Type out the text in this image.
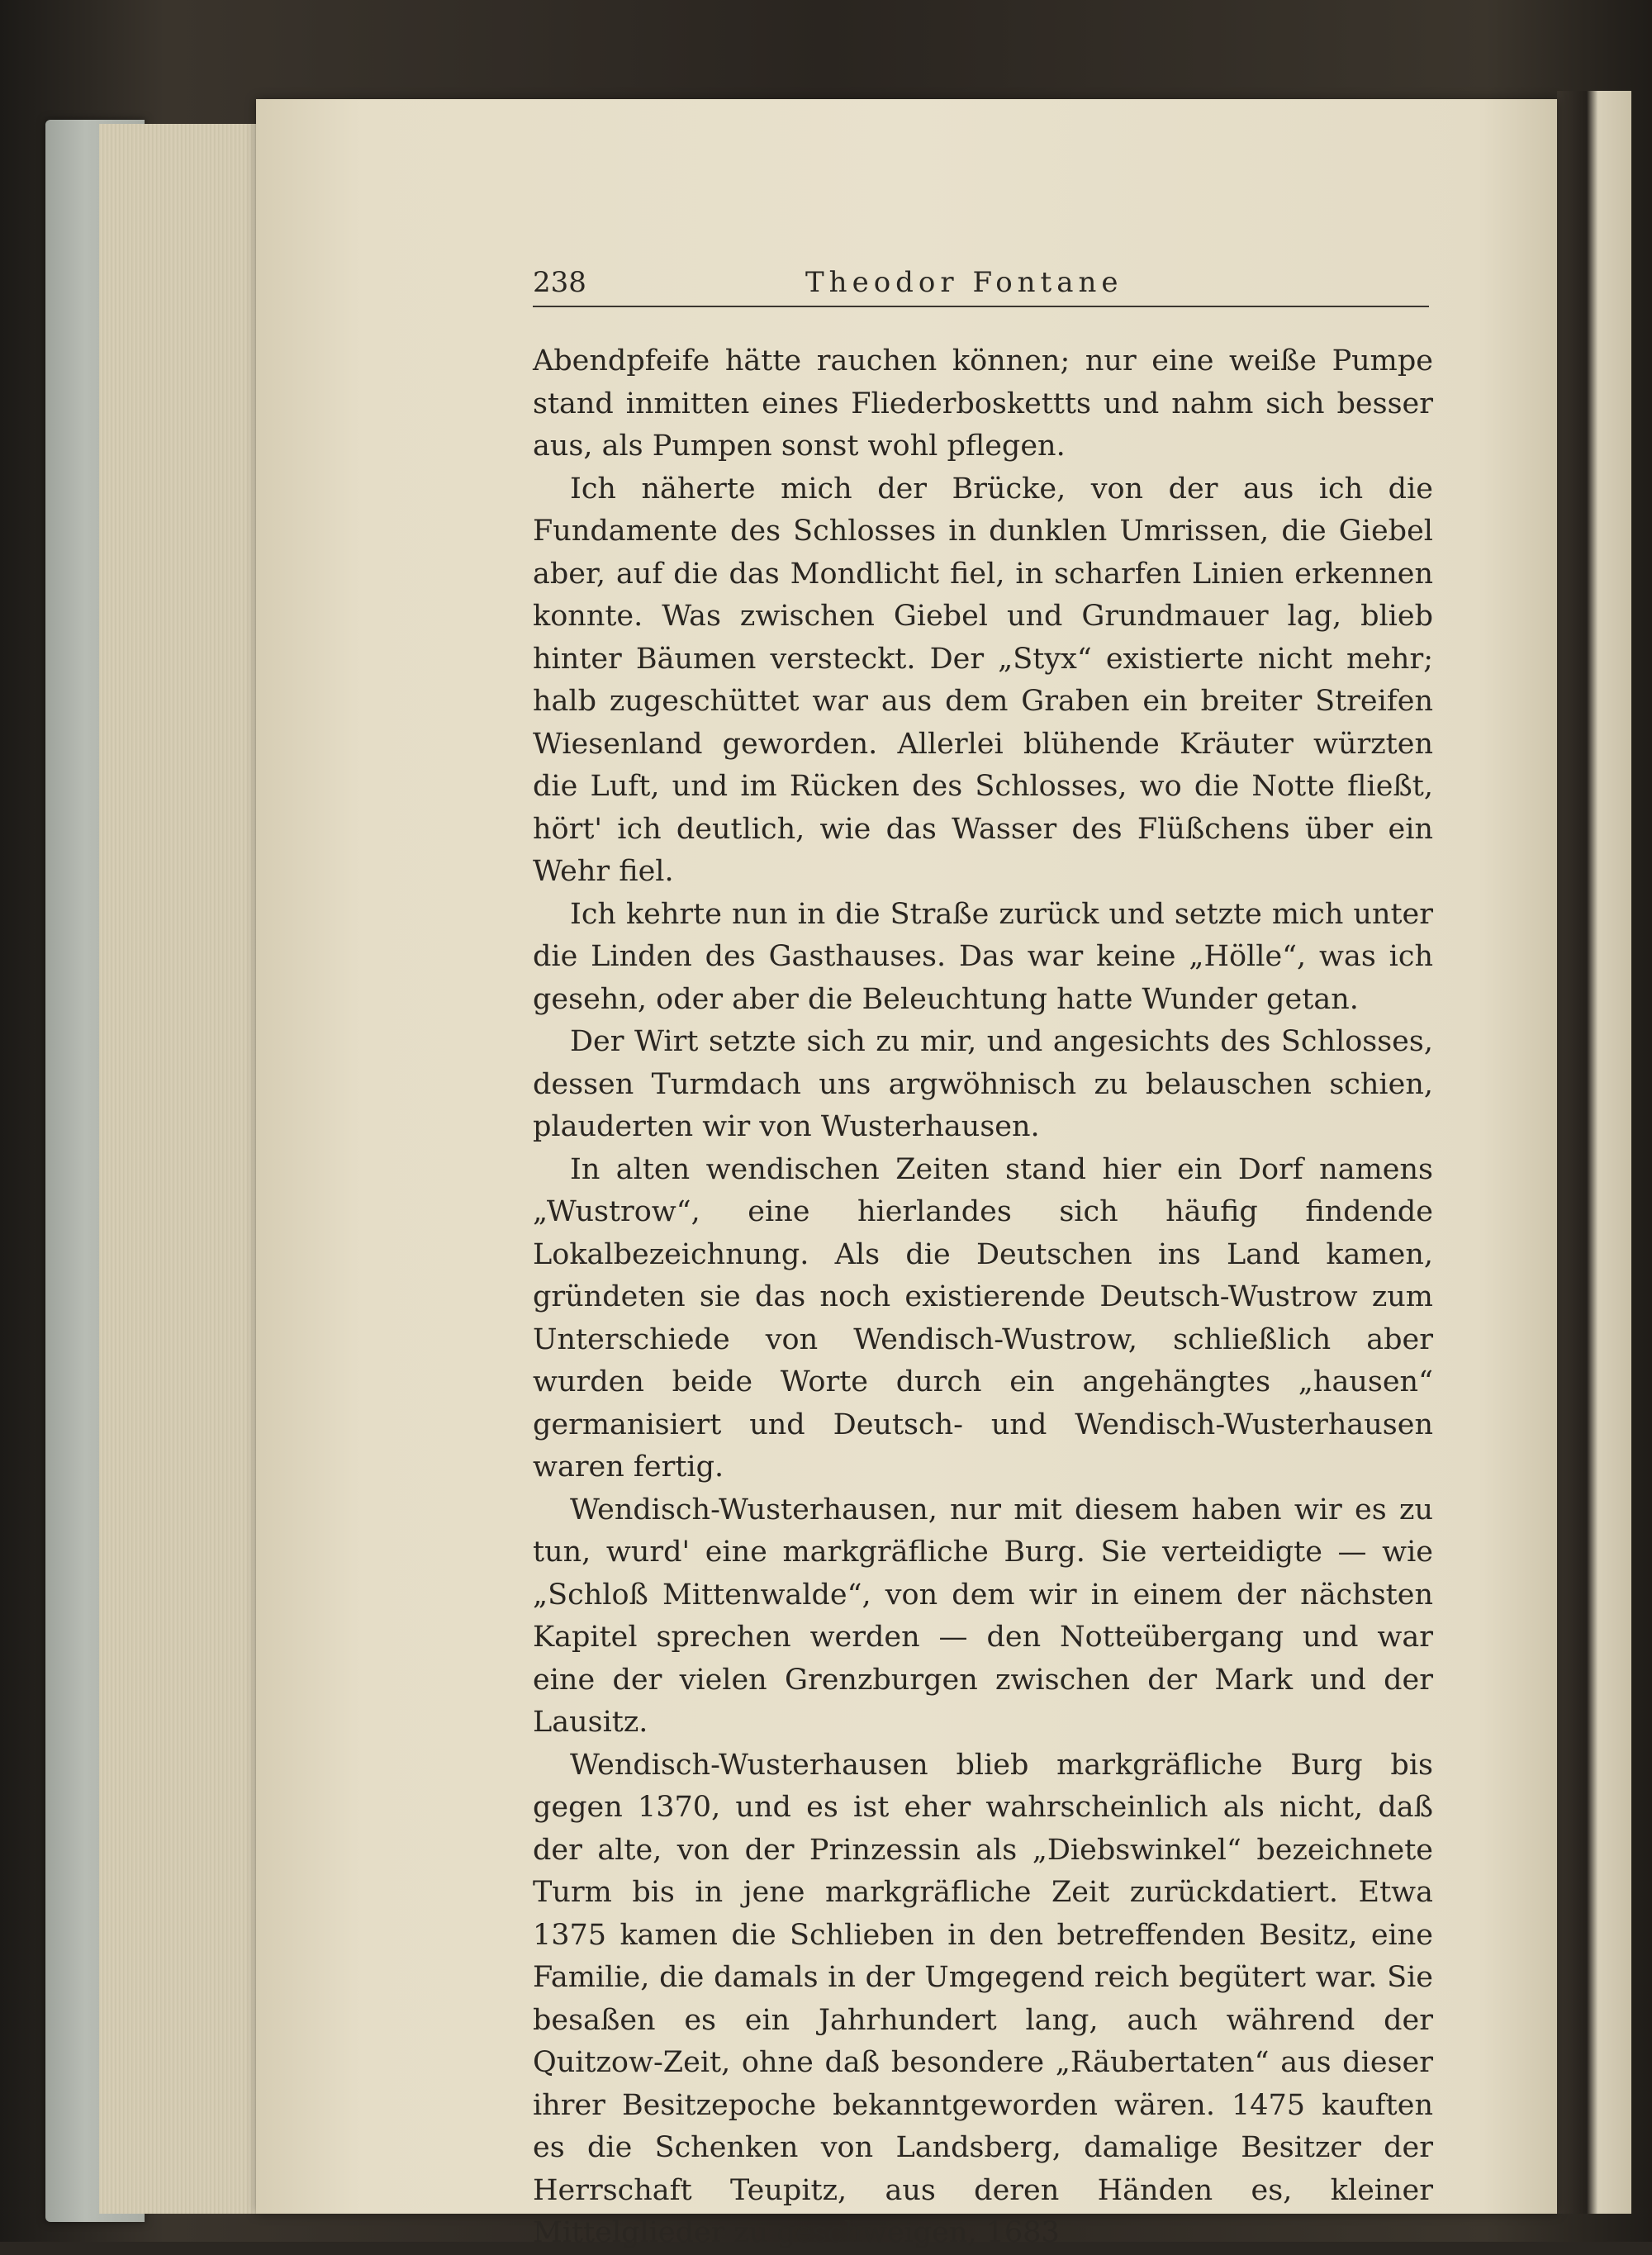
238	Theodor Fontane

Abendpfeife hätte rauchen können; nur eine weiße Pumpe stand inmitten eines Fliederboskettts und nahm sich besser aus, als Pumpen sonst wohl pflegen.

Ich näherte mich der Brücke, von der aus ich die Fundamente des Schlosses in dunklen Umrissen, die Giebel aber, auf die das Mondlicht fiel, in scharfen Linien erkennen konnte. Was zwischen Giebel und Grundmauer lag, blieb hinter Bäumen versteckt. Der „Styx“ existierte nicht mehr; halb zugeschüttet war aus dem Graben ein breiter Streifen Wiesenland geworden. Allerlei blühende Kräuter würzten die Luft, und im Rücken des Schlosses, wo die Notte fließt, hört' ich deutlich, wie das Wasser des Flüßchens über ein Wehr fiel.

Ich kehrte nun in die Straße zurück und setzte mich unter die Linden des Gasthauses. Das war keine „Hölle“, was ich gesehn, oder aber die Beleuchtung hatte Wunder getan.

Der Wirt setzte sich zu mir, und angesichts des Schlosses, dessen Turmdach uns argwöhnisch zu belauschen schien, plauderten wir von Wusterhausen.

In alten wendischen Zeiten stand hier ein Dorf namens „Wustrow“, eine hierlandes sich häufig findende Lokalbezeichnung. Als die Deutschen ins Land kamen, gründeten sie das noch existierende Deutsch-Wustrow zum Unterschiede von Wendisch-Wustrow, schließlich aber wurden beide Worte durch ein angehängtes „hausen“ germanisiert und Deutsch- und Wendisch-Wusterhausen waren fertig.

Wendisch-Wusterhausen, nur mit diesem haben wir es zu tun, wurd' eine markgräfliche Burg. Sie verteidigte — wie „Schloß Mittenwalde“, von dem wir in einem der nächsten Kapitel sprechen werden — den Notteübergang und war eine der vielen Grenzburgen zwischen der Mark und der Lausitz.

Wendisch-Wusterhausen blieb markgräfliche Burg bis gegen 1370, und es ist eher wahrscheinlich als nicht, daß der alte, von der Prinzessin als „Diebswinkel“ bezeichnete Turm bis in jene markgräfliche Zeit zurückdatiert. Etwa 1375 kamen die Schlieben in den betreffenden Besitz, eine Familie, die damals in der Umgegend reich begütert war. Sie besaßen es ein Jahrhundert lang, auch während der Quitzow-Zeit, ohne daß besondere „Räubertaten“ aus dieser ihrer Besitzepoche bekanntgeworden wären. 1475 kauften es die Schenken von Landsberg, damalige Besitzer der Herrschaft Teupitz, aus deren Händen es, kleiner Mittelglieder zu geschweigen, 1683
